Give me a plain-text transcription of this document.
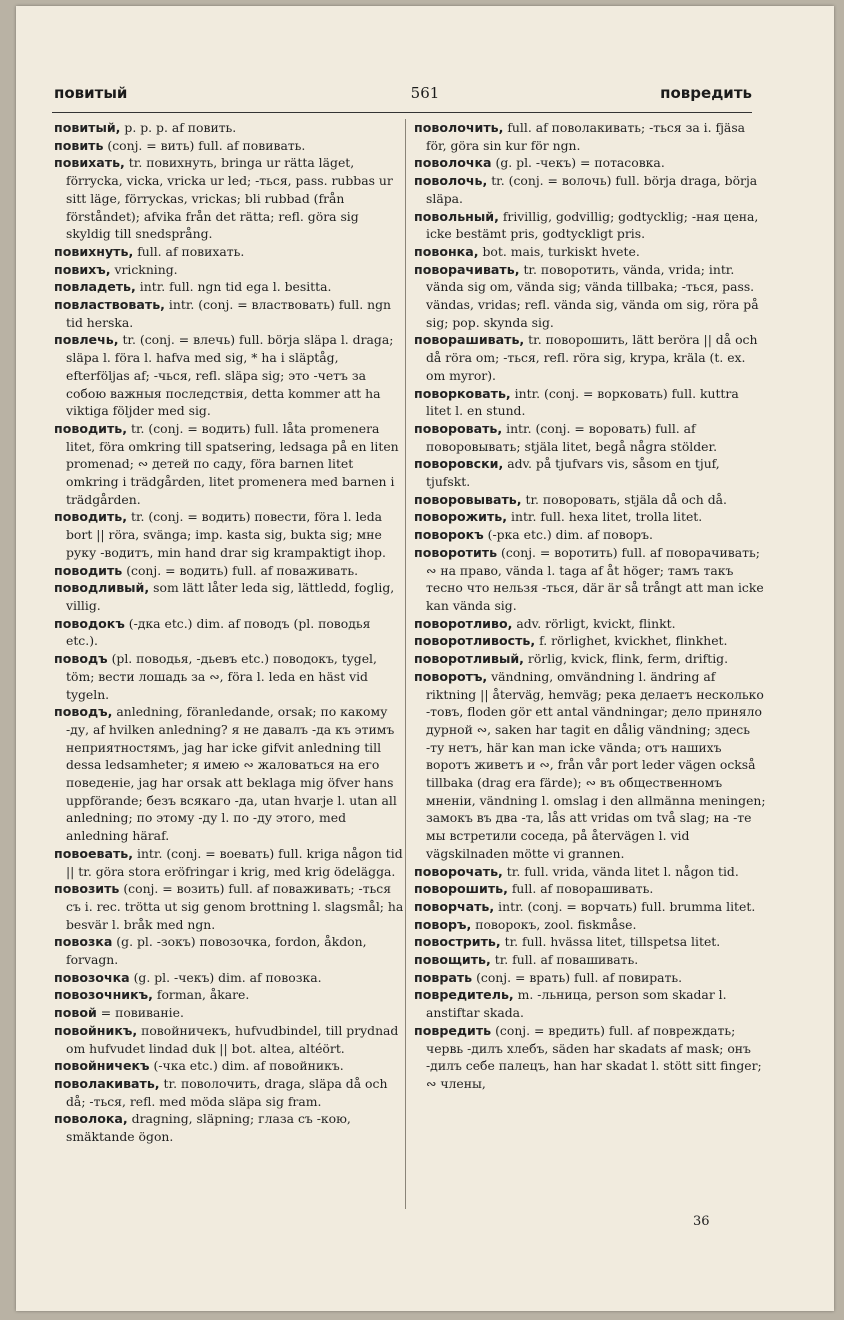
повитый	561	повредить
повитый, p. p. p. af повить.
повить (conj. = вить) full. af повивать.
повихать, tr. повихнуть, bringa ur rätta läget, förrycka, vicka, vricka ur led; -ться, pass. rubbas ur sitt läge, förryckas, vrickas; bli rubbad (från förståndet); afvika från det rätta; refl. göra sig skyldig till snedsprång.
повихнуть, full. af повихать.
повихъ, vrickning.
повладеть, intr. full. ngn tid ega l. besitta.
повластвовать, intr. (conj. = властвовать) full. ngn tid herska.
повлечь, tr. (conj. = влечь) full. börja släpa l. draga; släpa l. föra l. hafva med sig, * ha i släptåg, efterföljas af; -чься, refl. släpa sig; это -четъ за собою важныя последствія, detta kommer att ha viktiga följder med sig.
поводить, tr. (conj. = водить) full. låta promenera litet, föra omkring till spatsering, ledsaga på en liten promenad; ∾ детей по саду, föra barnen litet omkring i trädgården, litet promenera med barnen i trädgården.
поводить, tr. (conj. = водить) повести, föra l. leda bort || röra, svänga; imp. kasta sig, bukta sig; мне руку -водитъ, min hand drar sig krampaktigt ihop.
поводить (conj. = водить) full. af поваживать.
поводливый, som lätt låter leda sig, lättledd, foglig, villig.
поводокъ (-дка etc.) dim. af поводъ (pl. поводья etc.).
поводъ (pl. поводья, -дьевъ etc.) поводокъ, tygel, töm; вести лошадь за ∾, föra l. leda en häst vid tygeln.
поводъ, anledning, föranledande, orsak; по какому -ду, af hvilken anledning? я не давалъ -да къ этимъ неприятностямъ, jag har icke gifvit anledning till dessa ledsamheter; я имею ∾ жаловаться на его поведеніе, jag har orsak att beklaga mig öfver hans uppförande; безъ всякаго -да, utan hvarje l. utan all anledning; по этому -ду l. по -ду этого, med anledning häraf.
повоевать, intr. (conj. = воевать) full. kriga någon tid || tr. göra stora eröfringar i krig, med krig ödelägga.
повозить (conj. = возить) full. af поваживать; -ться съ i. rec. trötta ut sig genom brottning l. slagsmål; ha besvär l. bråk med ngn.
повозка (g. pl. -зокъ) повозочка, fordon, åkdon, forvagn.
повозочка (g. pl. -чекъ) dim. af повозка.
повозочникъ, forman, åkare.
повой = повиваніе.
повойникъ, повойничекъ, hufvudbindel, till prydnad om hufvudet lindad duk || bot. altea, altéört.
повойничекъ (-чка etc.) dim. af повойникъ.
поволакивать, tr. поволочить, draga, släpa då och då; -ться, refl. med möda släpa sig fram.
поволока, dragning, släpning; глаза съ -кою, smäktande ögon.
поволочить, full. af поволакивать; -ться за i. fjäsa för, göra sin kur för ngn.
поволочка (g. pl. -чекъ) = потасовка.
поволочь, tr. (conj. = волочь) full. börja draga, börja släpa.
повольный, frivillig, godvillig; godtycklig; -ная цена, icke bestämt pris, godtyckligt pris.
повонка, bot. mais, turkiskt hvete.
поворачивать, tr. поворотить, vända, vrida; intr. vända sig om, vända sig; vända tillbaka; -ться, pass. vändas, vridas; refl. vända sig, vända om sig, röra på sig; pop. skynda sig.
поворашивать, tr. поворошить, lätt beröra || då och då röra om; -ться, refl. röra sig, krypa, kräla (t. ex. om myror).
поворковать, intr. (conj. = ворковать) full. kuttra litet l. en stund.
поворовать, intr. (conj. = воровать) full. af поворовывать; stjäla litet, begå några stölder.
поворовски, adv. på tjufvars vis, såsom en tjuf, tjufskt.
поворовывать, tr. поворовать, stjäla då och då.
поворожить, intr. full. hexa litet, trolla litet.
поворокъ (-рка etc.) dim. af поворъ.
поворотить (conj. = воротить) full. af поворачивать; ∾ на право, vända l. taga af åt höger; тамъ такъ тесно что нельзя -ться, där är så trångt att man icke kan vända sig.
поворотливо, adv. rörligt, kvickt, flinkt.
поворотливость, f. rörlighet, kvickhet, flinkhet.
поворотливый, rörlig, kvick, flink, ferm, driftig.
поворотъ, vändning, omvändning l. ändring af riktning || återväg, hemväg; река делаетъ несколько -товъ, floden gör ett antal vändningar; дело приняло дурной ∾, saken har tagit en dålig vändning; здесь -ту нетъ, här kan man icke vända; отъ нашихъ воротъ живетъ и ∾, från vår port leder vägen också tillbaka (drag era färde); ∾ въ общественномъ мненіи, vändning l. omslag i den allmänna meningen; замокъ въ два -та, lås att vridas om två slag; на -те мы встретили соседа, på återvägen l. vid vägskilnaden mötte vi grannen.
поворочать, tr. full. vrida, vända litet l. någon tid.
поворошить, full. af поворашивать.
поворчать, intr. (conj. = ворчать) full. brumma litet.
поворъ, поворокъ, zool. fiskmåse.
повострить, tr. full. hvässa litet, tillspetsa litet.
повощить, tr. full. af повашивать.
поврать (conj. = врать) full. af повирать.
повредитель, m. -льница, person som skadar l. anstiftar skada.
повредить (conj. = вредить) full. af повреждать; червь -дилъ хлебъ, säden har skadats af mask; онъ -дилъ себе палецъ, han har skadat l. stött sitt finger; ∾ члены,
36
